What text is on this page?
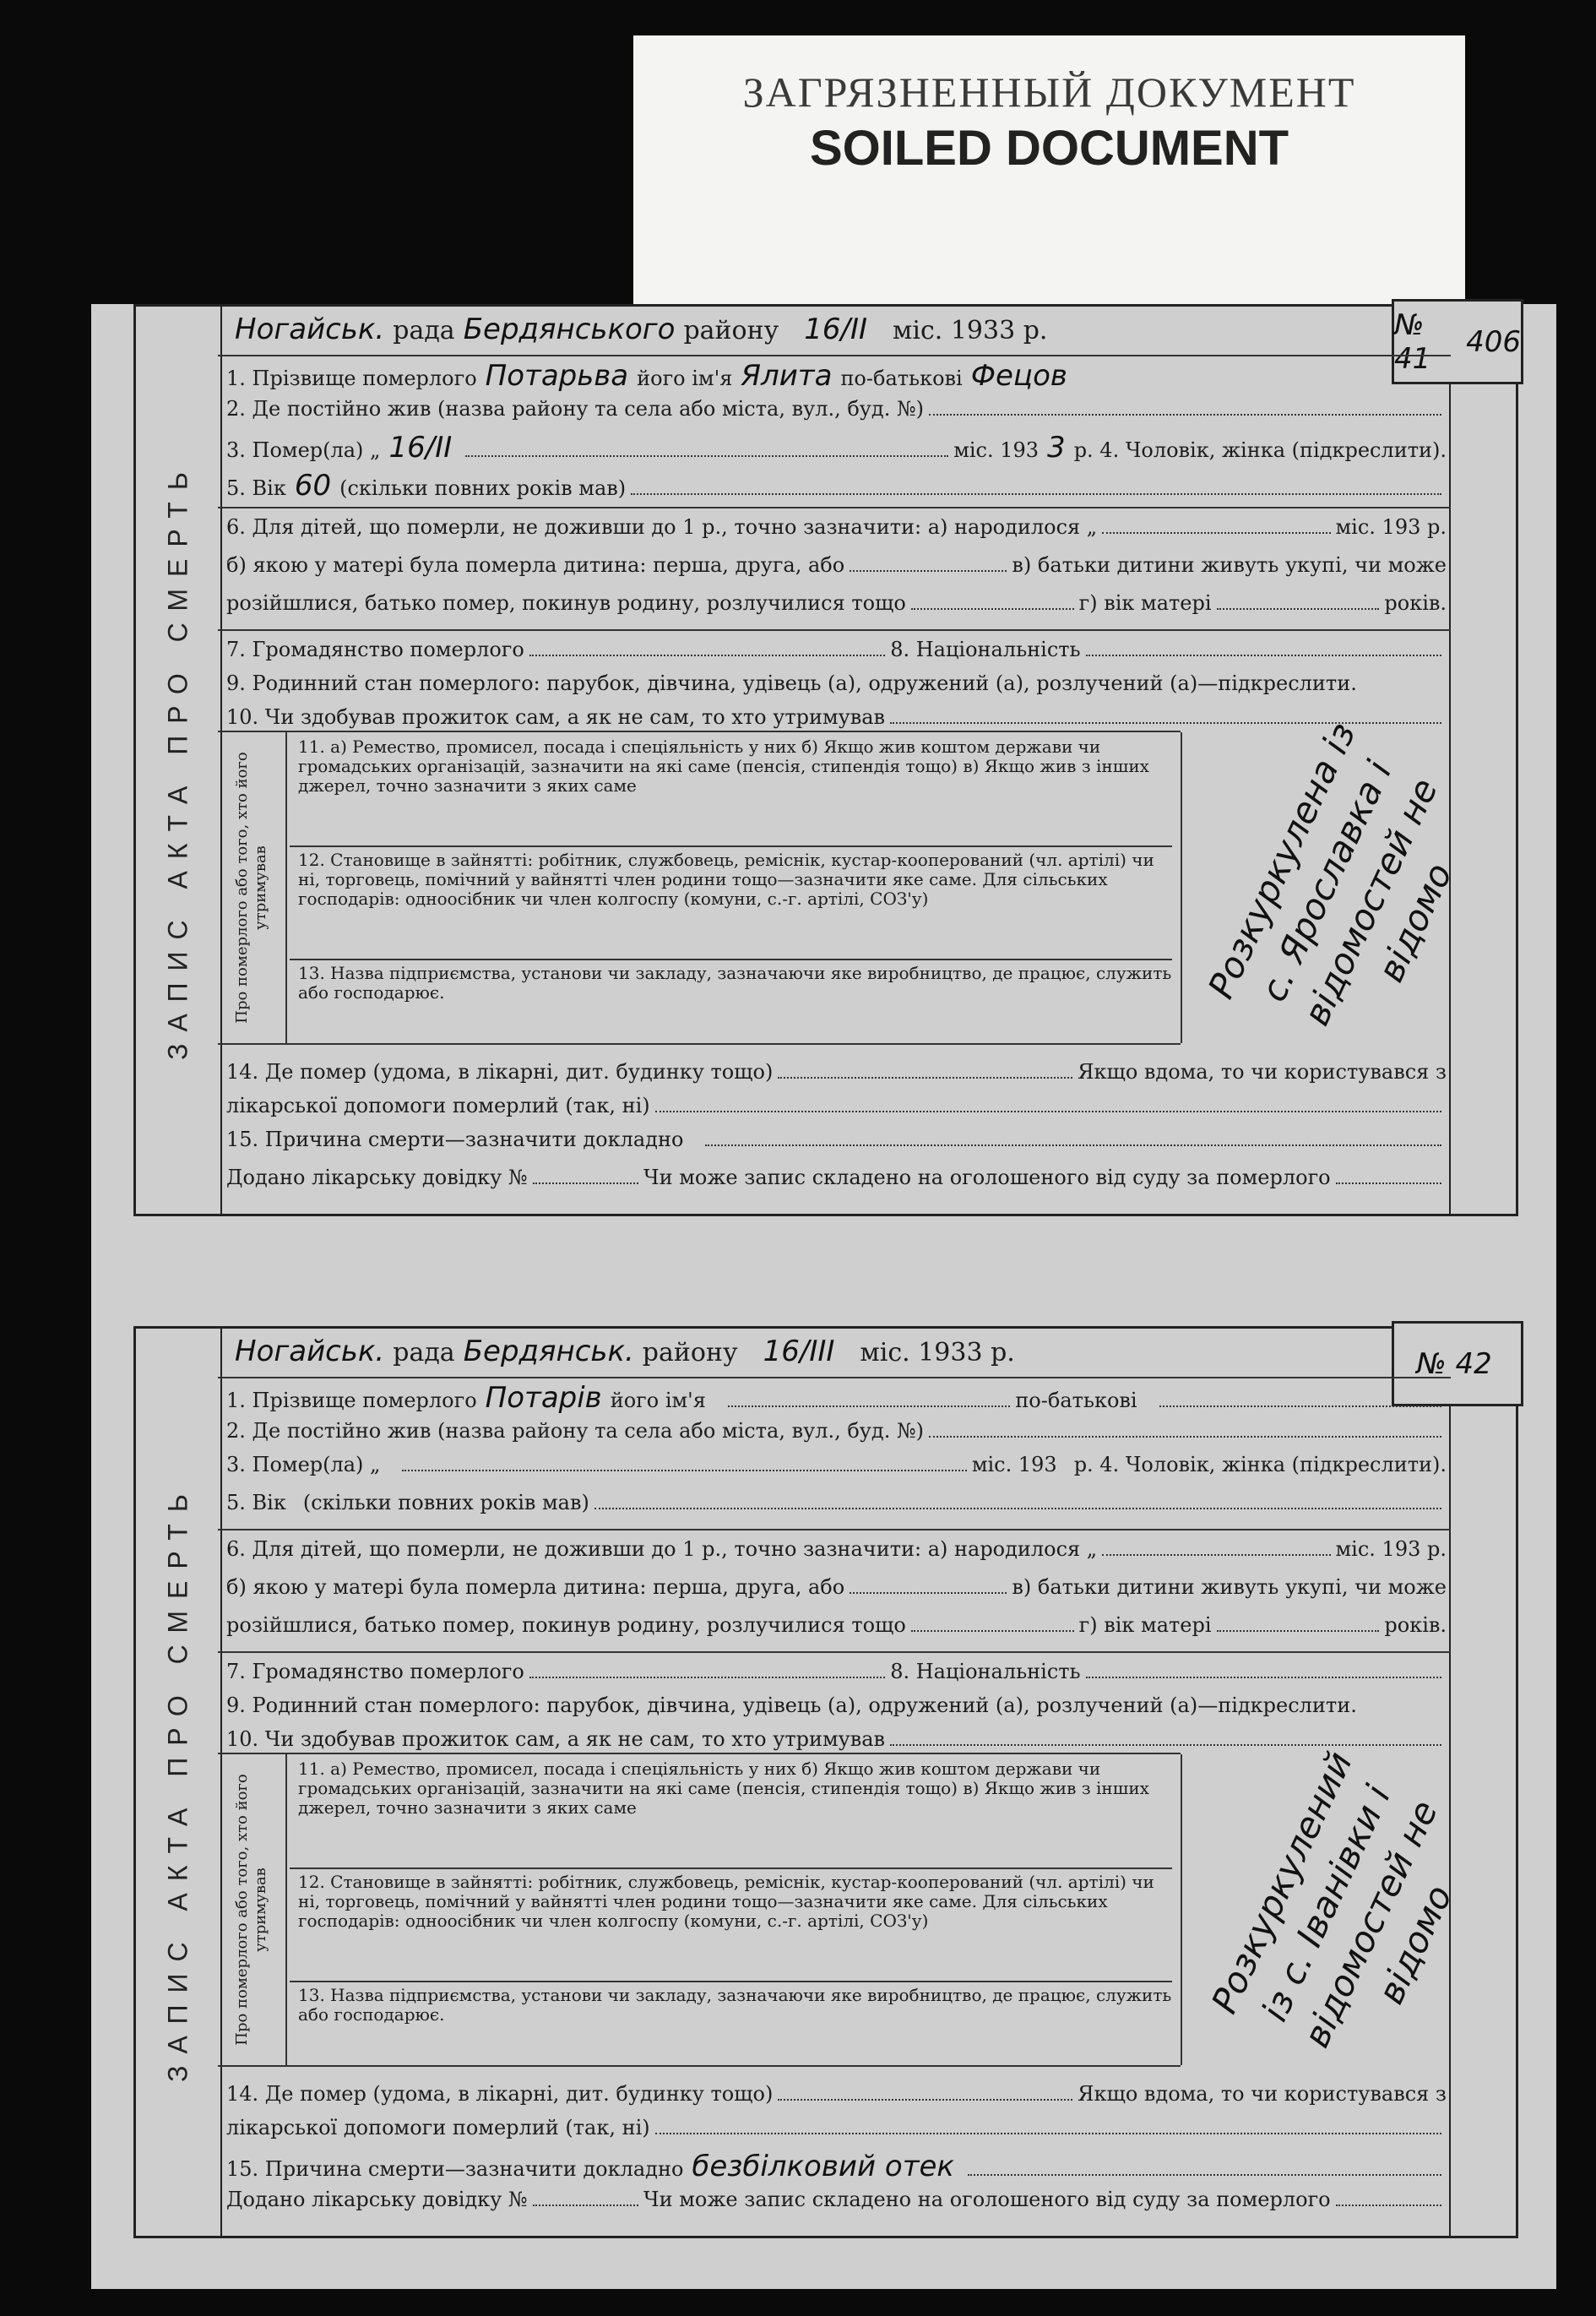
ЗАГРЯЗНЕННЫЙ ДОКУМЕНТ
SOILED DOCUMENT
ЗАПИС АКТА ПРО СМЕРТЬ
№ 41	406
Ногайськ. рада Бердянського району 16/II міс. 1933 р.
1. Прізвище померлого Потарьва його ім'я Ялита по-батькові Фецов
2. Де постійно жив (назва району та села або міста, вул., буд. №)
3. Помер(ла) „ 16/II	міс. 193 3 р. 4. Чоловік, жінка (підкреслити).
5. Вік 60 (скільки повних років мав)
6. Для дітей, що померли, не доживши до 1 р., точно зазначити: а) народилося „	міс. 193 р.
б) якою у матері була померла дитина: перша, друга, або	в) батьки дитини живуть укупі, чи може
розійшлися, батько помер, покинув родину, розлучилися тощо	г) вік матері	років.
7. Громадянство померлого	8. Національність
9. Родинний стан померлого: парубок, дівчина, удівець (а), одружений (а), розлучений (а)—підкреслити.
10. Чи здобував прожиток сам, а як не сам, то хто утримував
Про померлого або того, хто його утримував
11. а) Ремество, промисел, посада і спеціяльність у них б) Якщо жив коштом держави чи громадських організацій, зазначити на які саме (пенсія, стипендія тощо) в) Якщо жив з інших джерел, точно зазначити з яких саме
12. Становище в зайнятті: робітник, службовець, реміснік, кустар-кооперований (чл. артілі) чи ні, торговець, помічний у вайнятті член родини тощо—зазначити яке саме. Для сільських господарів: одноосібник чи член колгоспу (комуни, с.-г. артілі, СОЗ'у)
13. Назва підприємства, установи чи закладу, зазначаючи яке виробництво, де працює, служить або господарює.	Розкуркулена із с. Ярославка і відомостей не відомо
14. Де помер (удома, в лікарні, дит. будинку тощо)	Якщо вдома, то чи користувався з
лікарської допомоги померлий (так, ні)
15. Причина смерти—зазначити докладно
Додано лікарську довідку №	Чи може запис складено на оголошеного від суду за померлого
ЗАПИС АКТА ПРО СМЕРТЬ
№ 42
Ногайськ. рада Бердянськ. району 16/III міс. 1933 р.
1. Прізвище померлого Потарів його ім'я	по-батькові
2. Де постійно жив (назва району та села або міста, вул., буд. №)
3. Помер(ла) „	міс. 193 р. 4. Чоловік, жінка (підкреслити).
5. Вік (скільки повних років мав)
6. Для дітей, що померли, не доживши до 1 р., точно зазначити: а) народилося „	міс. 193 р.
б) якою у матері була померла дитина: перша, друга, або	в) батьки дитини живуть укупі, чи може
розійшлися, батько помер, покинув родину, розлучилися тощо	г) вік матері	років.
7. Громадянство померлого	8. Національність
9. Родинний стан померлого: парубок, дівчина, удівець (а), одружений (а), розлучений (а)—підкреслити.
10. Чи здобував прожиток сам, а як не сам, то хто утримував
Про померлого або того, хто його утримував
11. а) Ремество, промисел, посада і спеціяльність у них б) Якщо жив коштом держави чи громадських організацій, зазначити на які саме (пенсія, стипендія тощо) в) Якщо жив з інших джерел, точно зазначити з яких саме
12. Становище в зайнятті: робітник, службовець, реміснік, кустар-кооперований (чл. артілі) чи ні, торговець, помічний у вайнятті член родини тощо—зазначити яке саме. Для сільських господарів: одноосібник чи член колгоспу (комуни, с.-г. артілі, СОЗ'у)
13. Назва підприємства, установи чи закладу, зазначаючи яке виробництво, де працює, служить або господарює.	Розкуркулений із с. Іванівки і відомостей не відомо
14. Де помер (удома, в лікарні, дит. будинку тощо)	Якщо вдома, то чи користувався з
лікарської допомоги померлий (так, ні)
15. Причина смерти—зазначити докладно безбілковий отек
Додано лікарську довідку №	Чи може запис складено на оголошеного від суду за померлого
